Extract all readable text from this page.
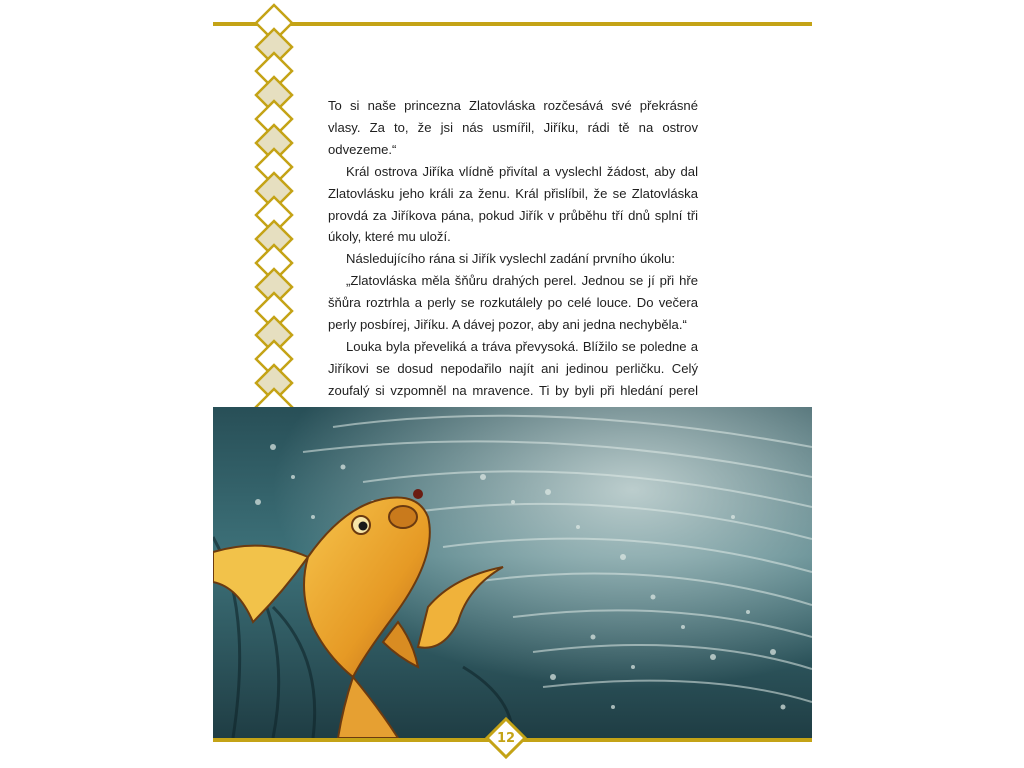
To si naše princezna Zlatovláska rozčesává své překrásné vlasy. Za to, že jsi nás usmířil, Jiříku, rádi tě na ostrov odvezeme.“

Král ostrova Jiříka vlídně přivítal a vyslechl žádost, aby dal Zlatovlásku jeho králi za ženu. Král přislíbil, že se Zlatovláska provdá za Jiříkova pána, pokud Jiřík v průběhu tří dnů splní tři úkoly, které mu uloží.

Následujícího rána si Jiřík vyslechl zadání prvního úkolu:

„Zlatovláska měla šňůru drahých perel. Jednou se jí při hře šňůra roztrhla a perly se rozkutálely po celé louce. Do večera perly posbírej, Jiříku. A dávej pozor, aby ani jedna nechyběla.“

Louka byla převeliká a tráva převysoká. Blížilo se poledne a Jiříkovi se dosud nepodařilo najít ani jedinou perličku. Celý zoufalý si vzpomněl na mravence. Ti by byli při hledání perel

12
